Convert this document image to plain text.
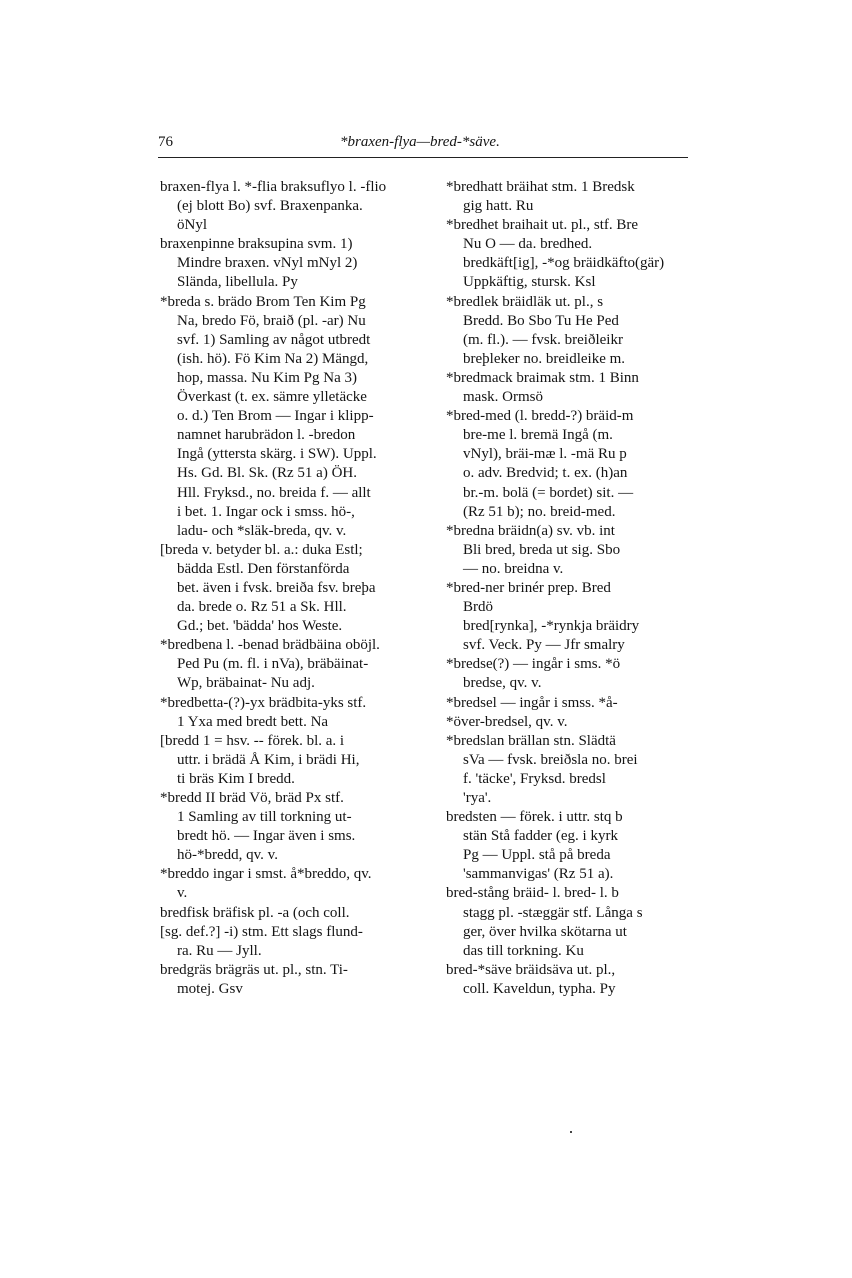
76	*braxen-flya—bred-*säve.
braxen-flya l. *-flia braksuflyo l. -flio
(ej blott Bo) svf. Braxenpanka.
öNyl
braxenpinne braksupina svm. 1)
Mindre braxen. vNyl mNyl 2)
Slända, libellula. Py
*breda s. brädo Brom Ten Kim Pg
Na, bredo Fö, braið (pl. -ar) Nu
svf. 1) Samling av något utbredt
(ish. hö). Fö Kim Na 2) Mängd,
hop, massa. Nu Kim Pg Na 3)
Överkast (t. ex. sämre ylletäcke
o. d.) Ten Brom — Ingar i klipp-
namnet harubrädon l. -bredon
Ingå (yttersta skärg. i SW). Uppl.
Hs. Gd. Bl. Sk. (Rz 51 a) ÖH.
Hll. Fryksd., no. breida f. — allt
i bet. 1. Ingar ock i smss. hö-,
ladu- och *släk-breda, qv. v.
[breda v. betyder bl. a.: duka Estl;
bädda Estl. Den förstanförda
bet. även i fvsk. breiða fsv. breþa
da. brede o. Rz 51 a Sk. Hll.
Gd.; bet. 'bädda' hos Weste.
*bredbena l. -benad brädbäina oböjl.
Ped Pu (m. fl. i nVa), bräbäinat-
Wp, bräbainat- Nu adj.
*bredbetta-(?)-yx brädbita-yks stf.
1 Yxa med bredt bett. Na
[bredd 1 = hsv. -- förek. bl. a. i
uttr. i brädä Å Kim, i brädi Hi,
ti bräs Kim I bredd.
*bredd II bräd Vö, bräd Px stf.
1 Samling av till torkning ut-
bredt hö. — Ingar även i sms.
hö-*bredd, qv. v.
*breddo ingar i smst. å*breddo, qv.
v.
bredfisk bräfisk pl. -a (och coll.
[sg. def.?] -i) stm. Ett slags flund-
ra. Ru — Jyll.
bredgräs brägräs ut. pl., stn. Ti-
motej. Gsv
*bredhatt bräihat stm. 1 Bredsk
gig hatt. Ru
*bredhet braihait ut. pl., stf. Bre
Nu O — da. bredhed.
bredkäft[ig], -*og bräidkäfto(gär)
Uppkäftig, stursk. Ksl
*bredlek bräidläk ut. pl., s
Bredd. Bo Sbo Tu He Ped
(m. fl.). — fvsk. breiðleikr
breþleker no. breidleike m.
*bredmack braimak stm. 1 Binn
mask. Ormsö
*bred-med (l. bredd-?) bräid-m
bre-me l. bremä Ingå (m.
vNyl), bräi-mæ l. -mä Ru p
o. adv. Bredvid; t. ex. (h)an
br.-m. bolä (= bordet) sit. —
(Rz 51 b); no. breid-med.
*bredna bräidn(a) sv. vb. int
Bli bred, breda ut sig. Sbo
— no. breidna v.
*bred-ner brinér prep. Bred
Brdö
bred[rynka], -*rynkja bräidry
svf. Veck. Py — Jfr smalry
*bredse(?) — ingår i sms. *ö
bredse, qv. v.
*bredsel — ingår i smss. *å-
*över-bredsel, qv. v.
*bredslan brällan stn. Slädtä
sVa — fvsk. breiðsla no. brei
f. 'täcke', Fryksd. bredsl
'rya'.
bredsten — förek. i uttr. stq b
stän Stå fadder (eg. i kyrk
Pg — Uppl. stå på breda
'sammanvigas' (Rz 51 a).
bred-stång bräid- l. bred- l. b
stagg pl. -stæggär stf. Långa s
ger, över hvilka skötarna ut
das till torkning. Ku
bred-*säve bräidsäva ut. pl.,
coll. Kaveldun, typha. Py
